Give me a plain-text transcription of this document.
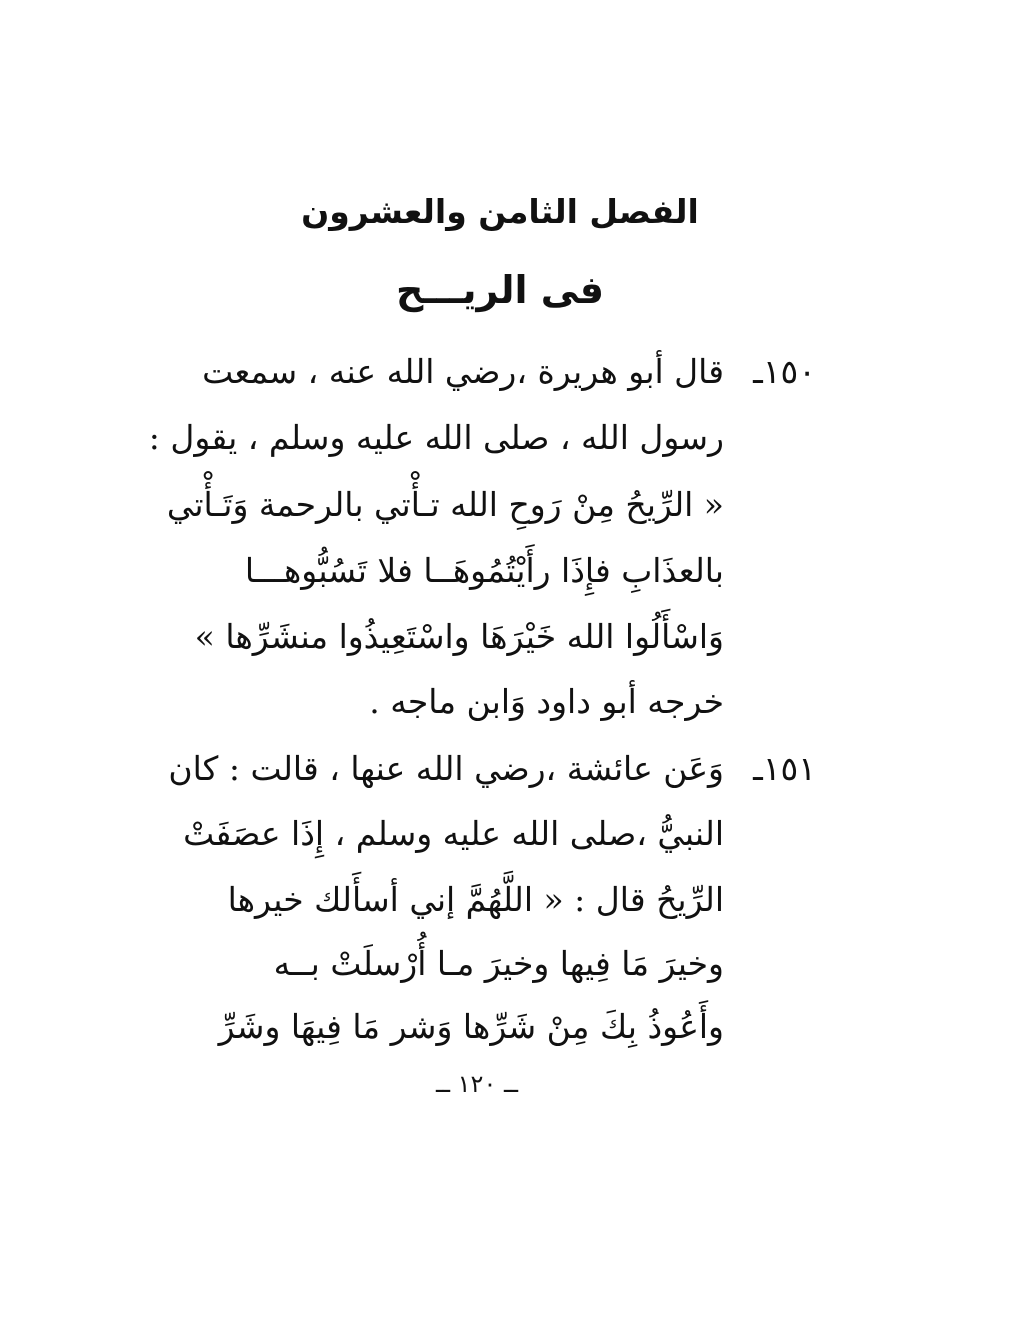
الفصل الثامن والعشرون
فى الريـــح
١٥٠ـ
قال أبو هريرة ،رضي الله عنه ، سمعت
رسول الله ، صلى الله عليه وسلم ، يقول :
« الرِّيحُ مِنْ رَوحِ الله تـأْتي بالرحمة وَتَـأْتي
بالعذَابِ فإِذَا رأَيْتُمُوهَــا فلا تَسُبُّوهـــا
وَاسْأَلُوا الله خَيْرَهَا واسْتَعِيذُوا منشَرِّها »
خرجه أبو داود وَابن ماجه .
١٥١ـ
وَعَن عائشة ،رضي الله عنها ، قالت : كان
النبيُّ ،صلى الله عليه وسلم ، إِذَا عصَفَتْ
الرِّيحُ قال : « اللَّهُمَّ إني أسأَلك خيرها
وخيرَ مَا فِيها وخيرَ مـا أُرْسلَتْ بــه
وأَعُوذُ بِكَ مِنْ شَرِّها وَشر مَا فِيهَا وشَرِّ
ــ ١٢٠ ــ
